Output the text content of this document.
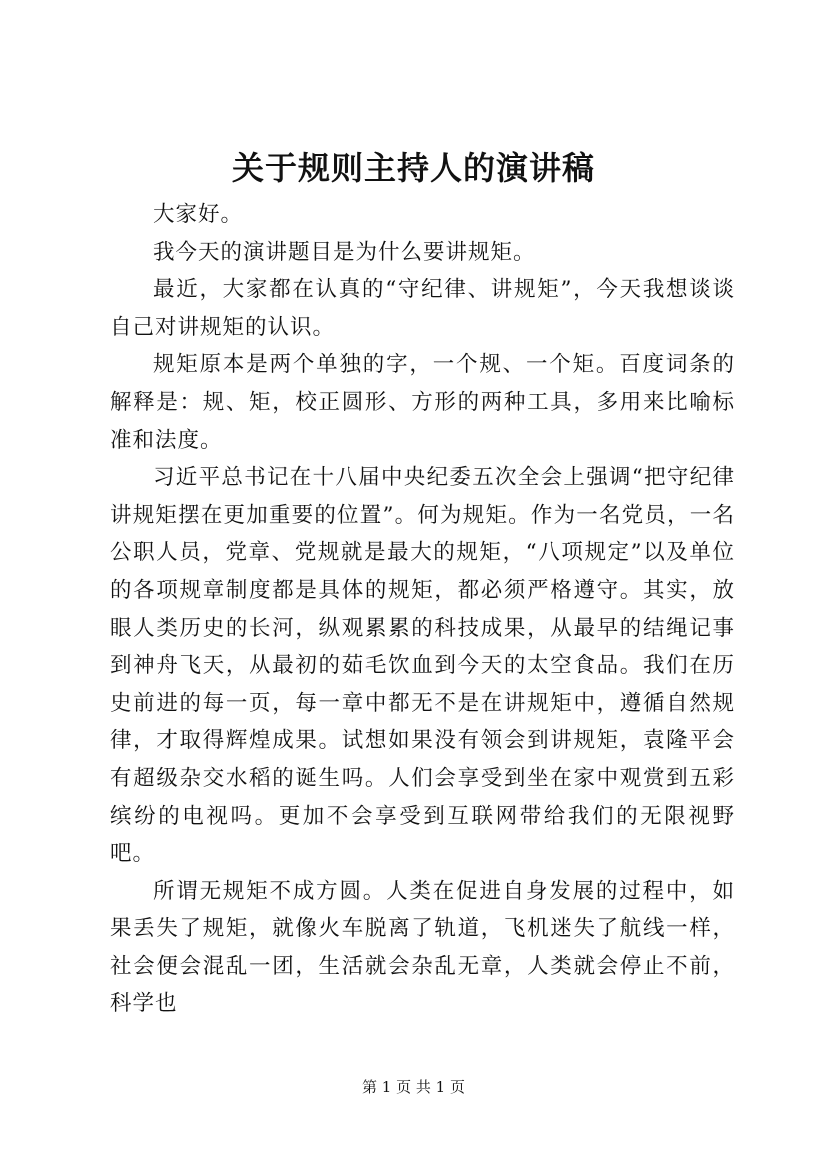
关于规则主持人的演讲稿

大家好。

我今天的演讲题目是为什么要讲规矩。

最近，大家都在认真的“守纪律、讲规矩”，今天我想谈谈自己对讲规矩的认识。

规矩原本是两个单独的字，一个规、一个矩。百度词条的解释是：规、矩，校正圆形、方形的两种工具，多用来比喻标准和法度。

习近平总书记在十八届中央纪委五次全会上强调“把守纪律讲规矩摆在更加重要的位置”。何为规矩。作为一名党员，一名公职人员，党章、党规就是最大的规矩，“八项规定”以及单位的各项规章制度都是具体的规矩，都必须严格遵守。其实，放眼人类历史的长河，纵观累累的科技成果，从最早的结绳记事到神舟飞天，从最初的茹毛饮血到今天的太空食品。我们在历史前进的每一页，每一章中都无不是在讲规矩中，遵循自然规律，才取得辉煌成果。试想如果没有领会到讲规矩，袁隆平会有超级杂交水稻的诞生吗。人们会享受到坐在家中观赏到五彩缤纷的电视吗。更加不会享受到互联网带给我们的无限视野吧。

所谓无规矩不成方圆。人类在促进自身发展的过程中，如果丢失了规矩，就像火车脱离了轨道，飞机迷失了航线一样，社会便会混乱一团，生活就会杂乱无章，人类就会停止不前，科学也

第 1 页 共 1 页
